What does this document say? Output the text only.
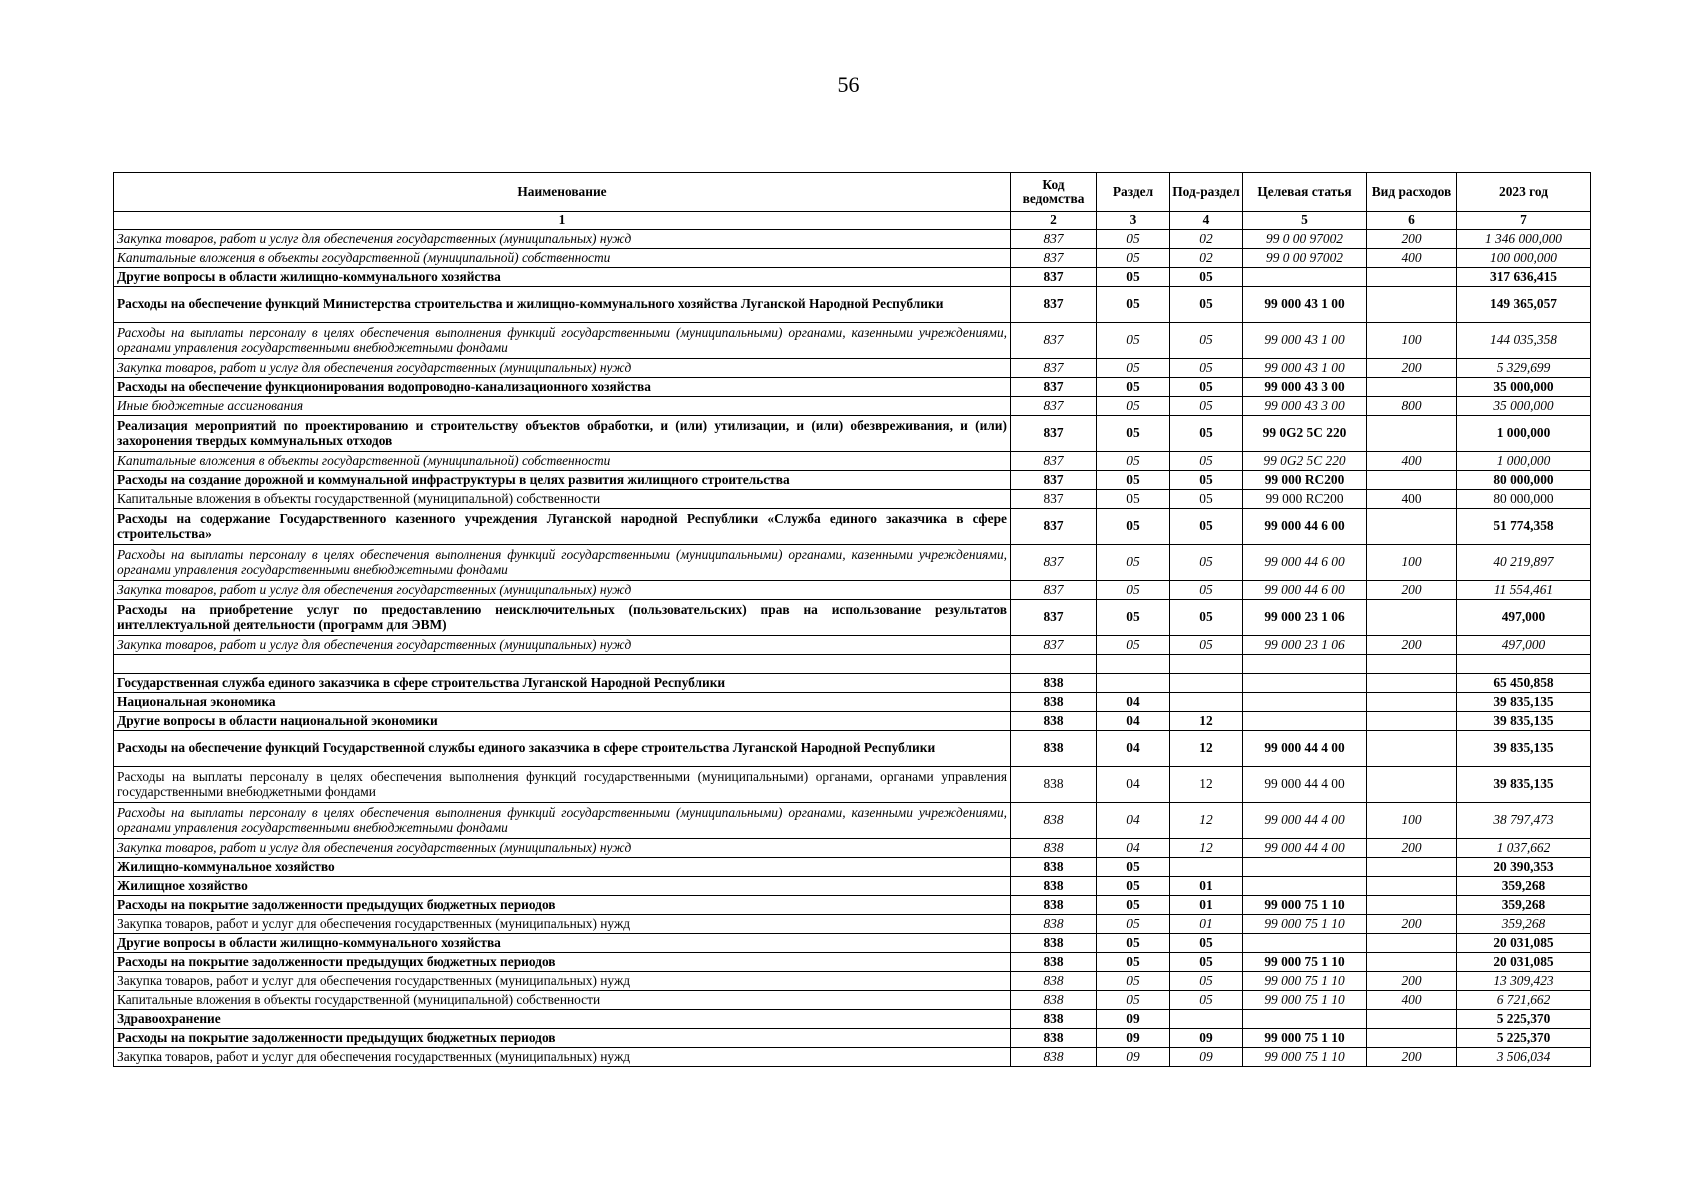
56
Наименование	Код ведомства	Раздел	Под-раздел	Целевая статья	Вид расходов	2023 год
1	2	3	4	5	6	7
Закупка товаров, работ и услуг для обеспечения государственных (муниципальных) нужд	837	05	02	99 0 00 97002	200	1 346 000,000
Капитальные вложения в объекты государственной (муниципальной) собственности	837	05	02	99 0 00 97002	400	100 000,000
Другие вопросы в области жилищно-коммунального хозяйства	837	05	05			317 636,415
Расходы на обеспечение функций Министерства строительства и жилищно-коммунального хозяйства Луганской Народной Республики	837	05	05	99 000 43 1 00		149 365,057
Расходы на выплаты персоналу в целях обеспечения выполнения функций государственными (муниципальными) органами, казенными учреждениями, органами управления государственными внебюджетными фондами	837	05	05	99 000 43 1 00	100	144 035,358
Закупка товаров, работ и услуг для обеспечения государственных (муниципальных) нужд	837	05	05	99 000 43 1 00	200	5 329,699
Расходы на обеспечение функционирования водопроводно-канализационного хозяйства	837	05	05	99 000 43 3 00		35 000,000
Иные бюджетные ассигнования	837	05	05	99 000 43 3 00	800	35 000,000
Реализация мероприятий по проектированию и строительству объектов обработки, и (или) утилизации, и (или) обезвреживания, и (или) захоронения твердых коммунальных отходов	837	05	05	99 0G2 5C 220		1 000,000
Капитальные вложения в объекты государственной (муниципальной) собственности	837	05	05	99 0G2 5C 220	400	1 000,000
Расходы на создание дорожной и коммунальной инфраструктуры в целях развития жилищного строительства	837	05	05	99 000 RC200		80 000,000
Капитальные вложения в объекты государственной (муниципальной) собственности	837	05	05	99 000 RC200	400	80 000,000
Расходы на содержание Государственного казенного учреждения Луганской народной Республики «Служба единого заказчика в сфере строительства»	837	05	05	99 000 44 6 00		51 774,358
Расходы на выплаты персоналу в целях обеспечения выполнения функций государственными (муниципальными) органами, казенными учреждениями, органами управления государственными внебюджетными фондами	837	05	05	99 000 44 6 00	100	40 219,897
Закупка товаров, работ и услуг для обеспечения государственных (муниципальных) нужд	837	05	05	99 000 44 6 00	200	11 554,461
Расходы на приобретение услуг по предоставлению неисключительных (пользовательских) прав на использование результатов интеллектуальной деятельности (программ для ЭВМ)	837	05	05	99 000 23 1 06		497,000
Закупка товаров, работ и услуг для обеспечения государственных (муниципальных) нужд	837	05	05	99 000 23 1 06	200	497,000

Государственная служба единого заказчика в сфере строительства Луганской Народной Республики	838					65 450,858
Национальная экономика	838	04				39 835,135
Другие вопросы в области национальной экономики	838	04	12			39 835,135
Расходы на обеспечение функций Государственной службы единого заказчика в сфере строительства Луганской Народной Республики	838	04	12	99 000 44 4 00		39 835,135
Расходы на выплаты персоналу в целях обеспечения выполнения функций государственными (муниципальными) органами, органами управления государственными внебюджетными фондами	838	04	12	99 000 44 4 00		39 835,135
Расходы на выплаты персоналу в целях обеспечения выполнения функций государственными (муниципальными) органами, казенными учреждениями, органами управления государственными внебюджетными фондами	838	04	12	99 000 44 4 00	100	38 797,473
Закупка товаров, работ и услуг для обеспечения государственных (муниципальных) нужд	838	04	12	99 000 44 4 00	200	1 037,662
Жилищно-коммунальное хозяйство	838	05				20 390,353
Жилищное хозяйство	838	05	01			359,268
Расходы на покрытие задолженности предыдущих бюджетных периодов	838	05	01	99 000 75 1 10		359,268
Закупка товаров, работ и услуг для обеспечения государственных (муниципальных) нужд	838	05	01	99 000 75 1 10	200	359,268
Другие вопросы в области жилищно-коммунального хозяйства	838	05	05			20 031,085
Расходы на покрытие задолженности предыдущих бюджетных периодов	838	05	05	99 000 75 1 10		20 031,085
Закупка товаров, работ и услуг для обеспечения государственных (муниципальных) нужд	838	05	05	99 000 75 1 10	200	13 309,423
Капитальные вложения в объекты государственной (муниципальной) собственности	838	05	05	99 000 75 1 10	400	6 721,662
Здравоохранение	838	09				5 225,370
Расходы на покрытие задолженности предыдущих бюджетных периодов	838	09	09	99 000 75 1 10		5 225,370
Закупка товаров, работ и услуг для обеспечения государственных (муниципальных) нужд	838	09	09	99 000 75 1 10	200	3 506,034
